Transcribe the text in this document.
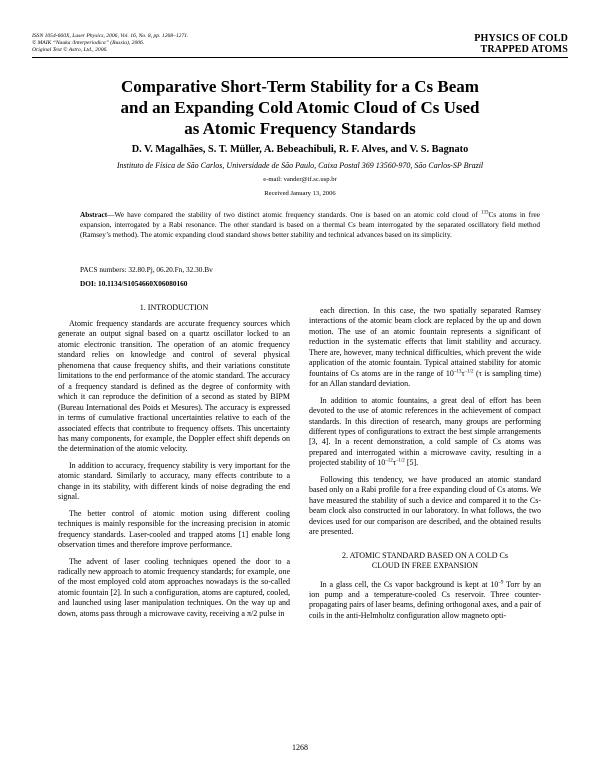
ISSN 1054-660X, Laser Physics, 2006, Vol. 16, No. 8, pp. 1268–1271.
© MAIK “Nauka /Interperiodica” (Russia), 2006.
Original Text © Astro, Ltd., 2006.
PHYSICS OF COLD
TRAPPED ATOMS
Comparative Short-Term Stability for a Cs Beam
and an Expanding Cold Atomic Cloud of Cs Used
as Atomic Frequency Standards
D. V. Magalhães, S. T. Müller, A. Bebeachibuli, R. F. Alves, and V. S. Bagnato
Instituto de Física de São Carlos, Universidade de São Paulo, Caixa Postal 369 13560-970, São Carlos-SP Brazil
e-mail: vander@if.sc.usp.br
Received January 13, 2006
Abstract—We have compared the stability of two distinct atomic frequency standards. One is based on an atomic cold cloud of $^{133}$Cs atoms in free expansion, interrogated by a Rabi resonance. The other standard is based on a thermal Cs beam interrogated by the separated oscillatory field method (Ramsey’s method). The atomic expanding cloud standard shows better stability and technical advances based on its simplicity.
PACS numbers: 32.80.Pj, 06.20.Fn, 32.30.Bv
DOI: 10.1134/S1054660X06080160
1. INTRODUCTION

Atomic frequency standards are accurate frequency sources which generate an output signal based on a quartz oscillator locked to an atomic electronic transition. The operation of an atomic frequency standard relies on knowledge and control of several physical phenomena that cause frequency shifts, and their variations constitute limitations to the end performance of the atomic standard. The accuracy of a frequency standard is defined as the degree of conformity with which it can reproduce the definition of a second as stated by BIPM (Bureau International des Poids et Mesures). The accuracy is expressed in terms of cumulative fractional uncertainties relative to each of the associated effects that contribute to frequency offsets. This uncertainty has many components, for example, the Doppler effect shift depends on the determination of the atomic velocity.

In addition to accuracy, frequency stability is very important for the atomic standard. Similarly to accuracy, many effects contribute to a change in its stability, with different kinds of noise degrading the end signal.

The better control of atomic motion using different cooling techniques is mainly responsible for the increasing precision in atomic frequency standards. Laser-cooled and trapped atoms [1] enable long observation times and therefore improve performance.

The advent of laser cooling techniques opened the door to a radically new approach to atomic frequency standards; for example, one of the most employed cold atom approaches nowadays is the so-called atomic fountain [2]. In such a configuration, atoms are captured, cooled, and launched using laser manipulation techniques. On the way up and down, atoms pass through a microwave cavity, receiving a π/2 pulse in

each direction. In this case, the two spatially separated Ramsey interactions of the atomic beam clock are replaced by the up and down motion. The use of an atomic fountain represents a significant of reduction in the systematic effects that limit stability and accuracy. There are, however, many technical difficulties, which prevent the wide application of the atomic fountain. Typical attained stability for atomic fountains of Cs atoms are in the range of $10^{-13}\tau^{-1/2}$ (τ is sampling time) for an Allan standard deviation.

In addition to atomic fountains, a great deal of effort has been devoted to the use of atomic references in the achievement of compact standards. In this direction of research, many groups are performing different types of configurations to extract the best simple arrangements [3, 4]. In a recent demonstration, a cold sample of Cs atoms was prepared and interrogated within a microwave cavity, resulting in a projected stability of $10^{-12}\tau^{-1/2}$ [5].

Following this tendency, we have produced an atomic standard based only on a Rabi profile for a free expanding cloud of Cs atoms. We have measured the stability of such a device and compared it to the Cs-beam clock also constructed in our laboratory. In what follows, the two devices used for our comparison are described, and the obtained results are presented.

2. ATOMIC STANDARD BASED ON A COLD Cs
CLOUD IN FREE EXPANSION

In a glass cell, the Cs vapor background is kept at $10^{-9}$ Torr by an ion pump and a temperature-cooled Cs reservoir. Three counter-propagating pairs of laser beams, defining orthogonal axes, and a pair of coils in the anti-Helmholtz configuration allow magneto opti-

1268
